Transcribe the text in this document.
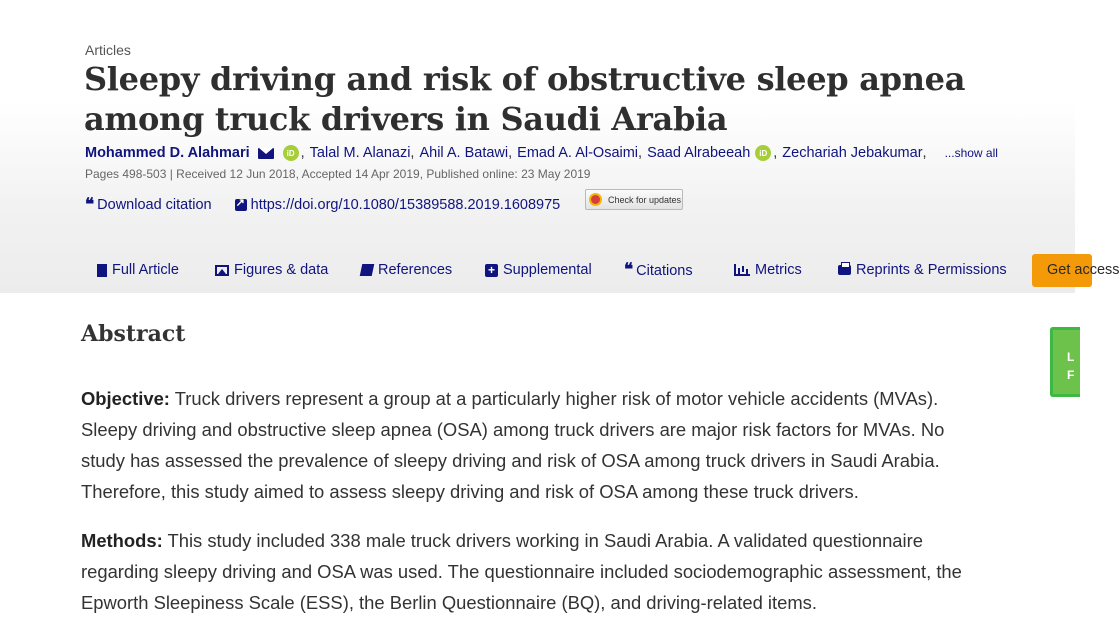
Articles
Sleepy driving and risk of obstructive sleep apnea among truck drivers in Saudi Arabia
Mohammed D. Alahmari	iD , Talal M. Alanazi , Ahil A. Batawi , Emad A. Al-Osaimi , Saad Alrabeeah	iD , Zechariah Jebakumar , ...show all
Pages 498-503 | Received 12 Jun 2018, Accepted 14 Apr 2019, Published online: 23 May 2019
❝ Download citation
↗	https://doi.org/10.1080/15389588.2019.1608975	Check for updates
Full Article	Figures & data	References	+ Supplemental ❝ Citations	Metrics	Reprints & Permissions	Get access
Abstract

Objective: Truck drivers represent a group at a particularly higher risk of motor vehicle accidents (MVAs). Sleepy driving and obstructive sleep apnea (OSA) among truck drivers are major risk factors for MVAs. No study has assessed the prevalence of sleepy driving and risk of OSA among truck drivers in Saudi Arabia. Therefore, this study aimed to assess sleepy driving and risk of OSA among these truck drivers.

Methods: This study included 338 male truck drivers working in Saudi Arabia. A validated questionnaire regarding sleepy driving and OSA was used. The questionnaire included sociodemographic assessment, the Epworth Sleepiness Scale (ESS), the Berlin Questionnaire (BQ), and driving-related items.

L
F
